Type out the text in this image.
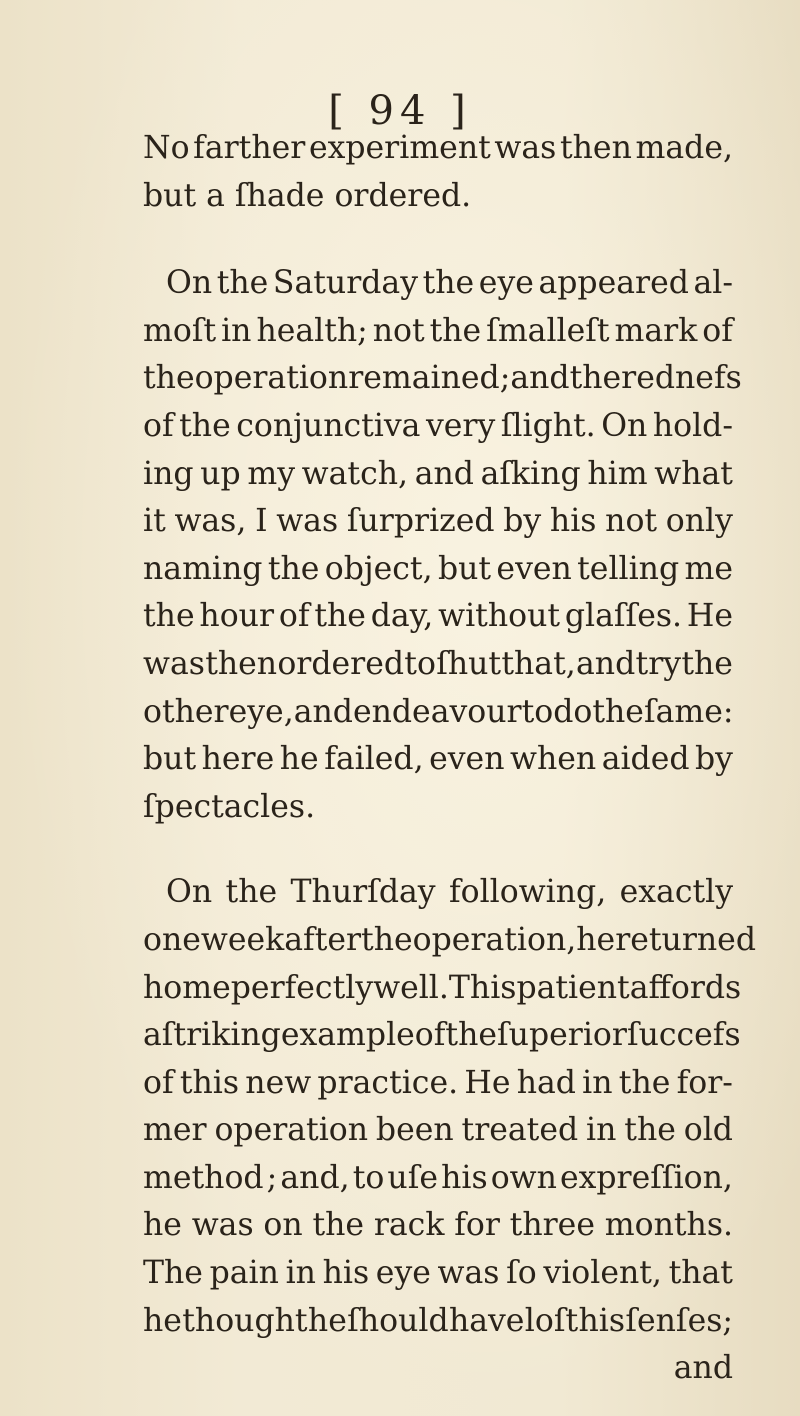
[ 94 ]
No farther experiment was then made,
but a ſhade ordered.
On the Saturday the eye appeared al-
moſt in health; not the ſmalleſt mark of
the operation remained; and the rednefs
of the conjunctiva very ſlight. On hold-
ing up my watch, and aſking him what
it was, I was ſurprized by his not only
naming the object, but even telling me
the hour of the day, without glaſſes. He
was then ordered to ſhut that, and try the
other eye, and endeavour to do the ſame :
but here he failed, even when aided by
ſpectacles.
On the Thurſday following, exactly
one week after the operation, he returned
home perfectly well. This patient affords
a ſtriking example of the ſuperior ſuccefs
of this new practice. He had in the for-
mer operation been treated in the old
method ; and, to uſe his own expreſſion,
he was on the rack for three months.
The pain in his eye was ſo violent, that
he thought he ſhould have loſt his ſenſes;
and
